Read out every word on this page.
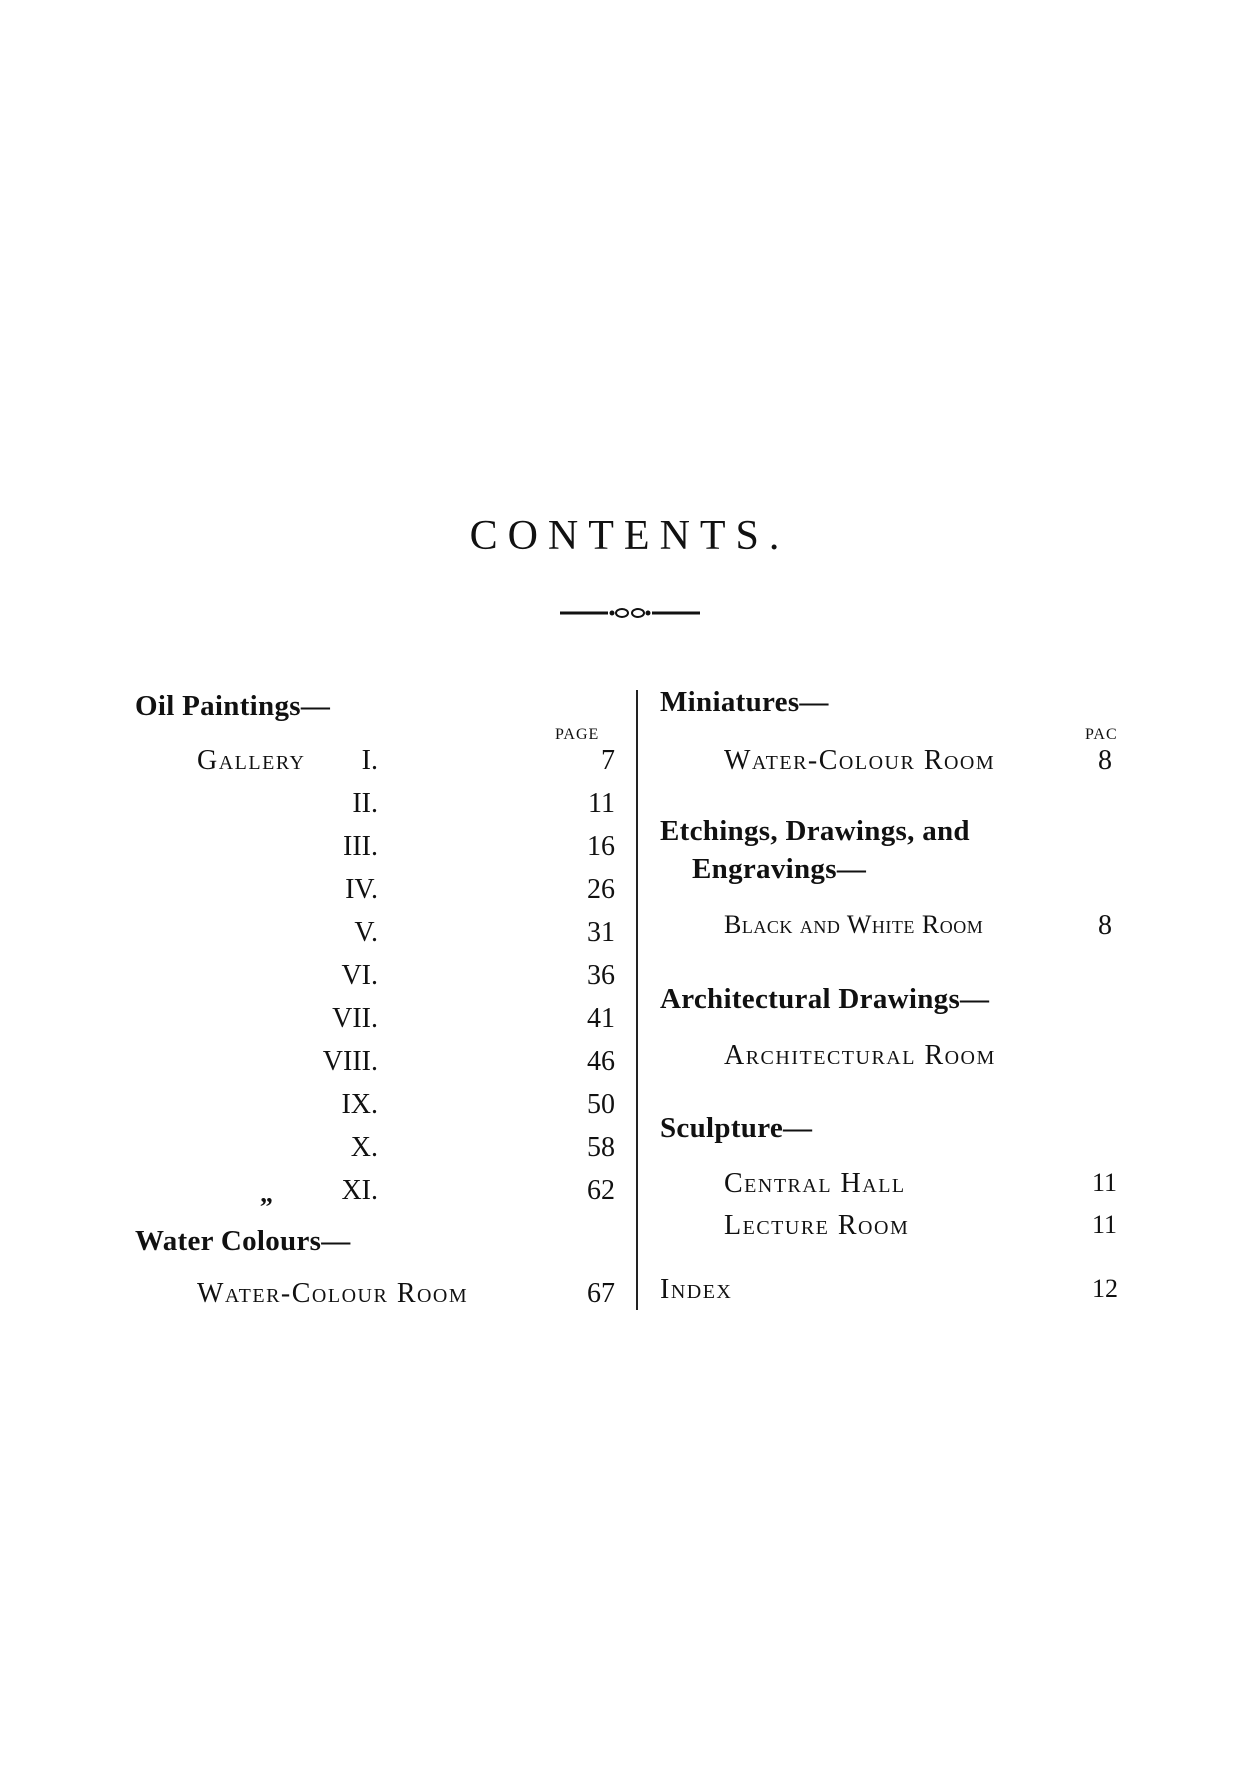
CONTENTS.
Oil Paintings—
PAGE
Gallery	I.	7
II.	11
III.	16
IV.	26
V.	31
VI.	36
VII.	41
VIII.	46
IX.	50
X.	58
„	XI.	62
Water Colours—
Water-Colour Room	67
Miniatures—
PAC
Water-Colour Room	8
Etchings, Drawings, and
Engravings—
Black and White Room	8
Architectural Drawings—
Architectural Room
Sculpture—
Central Hall	11
Lecture Room	11
Index	12
